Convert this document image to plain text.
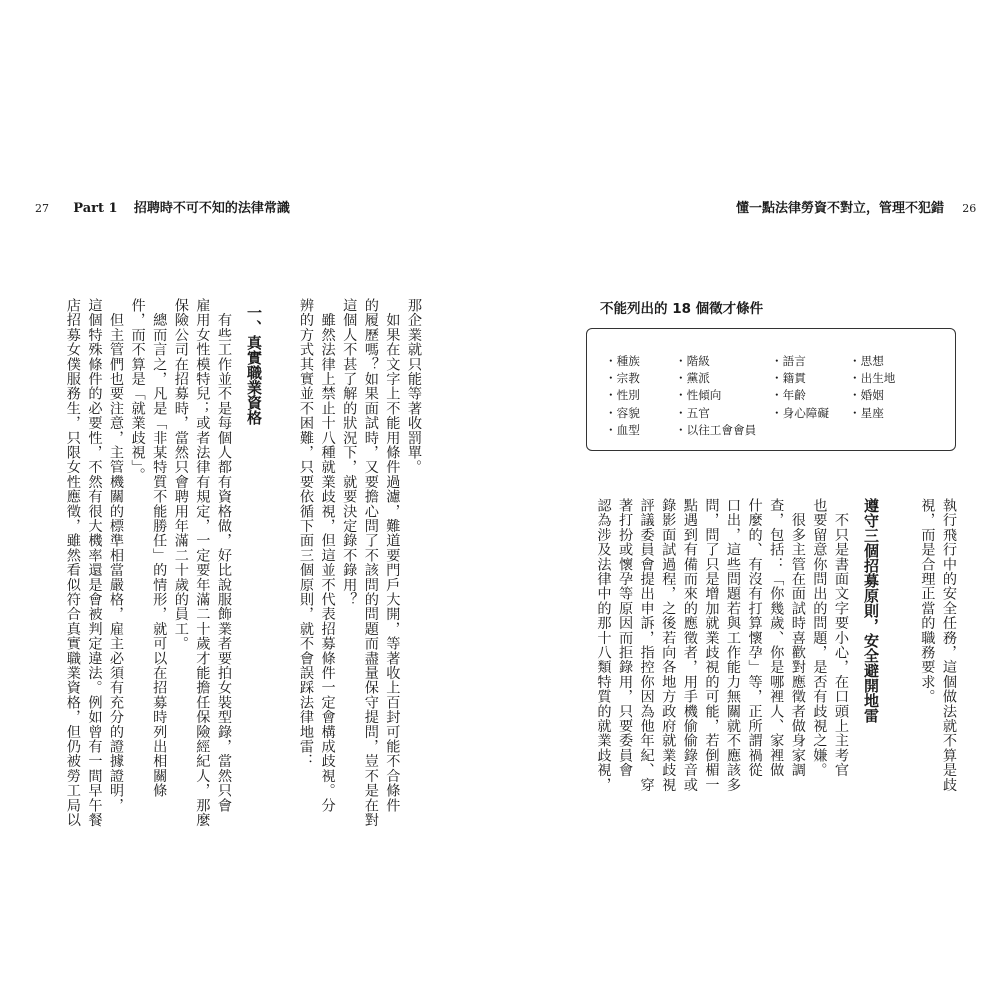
27 Part 1 招聘時不可不知的法律常識	懂一點法律勞資不對立，管理不犯錯 26
不能列出的 18 個徵才條件
・種族
・宗教
・性別
・容貌
・血型
・階級
・黨派
・性傾向
・五官
・以往工會會員
・語言
・籍貫
・年齡
・身心障礙
・思想
・出生地
・婚姻
・星座
執行飛行中的安全任務，這個做法就不算是歧
視，而是合理正當的職務要求。
遵守三個招募原則，安全避開地雷
　不只是書面文字要小心，在口頭上主考官
也要留意你問出的問題，是否有歧視之嫌。
　很多主管在面試時喜歡對應徵者做身家調
查，包括：「你幾歲、你是哪裡人、家裡做
什麼的、有沒有打算懷孕」等，正所謂禍從
口出，這些問題若與工作能力無關就不應該多
問，問了只是增加就業歧視的可能，若倒楣一
點遇到有備而來的應徵者，用手機偷偷錄音或
錄影面試過程，之後若向各地方政府就業歧視
評議委員會提出申訴，指控你因為他年紀、穿
著打扮或懷孕等原因而拒錄用，只要委員會
認為涉及法律中的那十八類特質的就業歧視，
那企業就只能等著收罰單。
　如果在文字上不能用條件過濾，難道要門戶大開，等著收上百封可能不合條件
的履歷嗎？如果面試時，又要擔心問了不該問的問題而盡量保守提問，豈不是在對
這個人不甚了解的狀況下，就要決定錄不錄用？
　雖然法律上禁止十八種就業歧視，但這並不代表招募條件一定會構成歧視。分
辨的方式其實並不困難，只要依循下面三個原則，就不會誤踩法律地雷：
一、真實職業資格
　有些工作並不是每個人都有資格做，好比說服飾業者要拍女裝型錄，當然只會
雇用女性模特兒；或者法律有規定，一定要年滿二十歲才能擔任保險經紀人，那麼
保險公司在招募時，當然只會聘用年滿二十歲的員工。
　總而言之，凡是「非某特質不能勝任」的情形，就可以在招募時列出相關條
件，而不算是「就業歧視」。
　但主管們也要注意，主管機關的標準相當嚴格，雇主必須有充分的證據證明，
這個特殊條件的必要性，不然有很大機率還是會被判定違法。例如曾有一間早午餐
店招募女僕服務生，只限女性應徵，雖然看似符合真實職業資格，但仍被勞工局以
